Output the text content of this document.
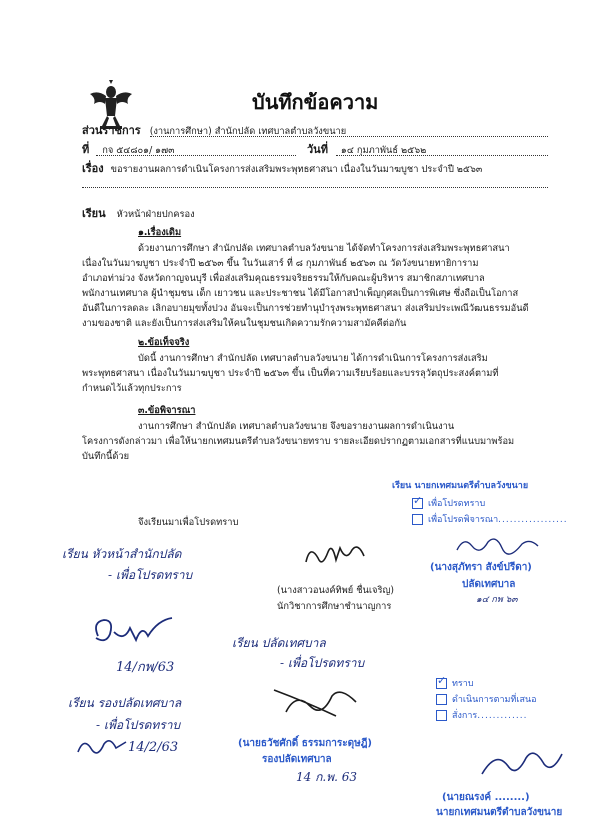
บันทึกข้อความ
ส่วนราชการ (งานการศึกษา) สำนักปลัด เทศบาลตำบลวังขนาย
ที่ กจ ๕๔๘๐๑/ ๑๗๓	วันที่ ๑๔ กุมภาพันธ์ ๒๕๖๒
เรื่อง ขอรายงานผลการดำเนินโครงการส่งเสริมพระพุทธศาสนา เนื่องในวันมาฆบูชา ประจำปี ๒๕๖๓
เรียน หัวหน้าฝ่ายปกครอง
๑.เรื่องเดิม

ด้วยงานการศึกษา สำนักปลัด เทศบาลตำบลวังขนาย ได้จัดทำโครงการส่งเสริมพระพุทธศาสนา

เนื่องในวันมาฆบูชา ประจำปี ๒๕๖๓ ขึ้น ในวันเสาร์ ที่ ๘ กุมภาพันธ์ ๒๕๖๓ ณ วัดวังขนายทายิการาม

อำเภอท่าม่วง จังหวัดกาญจนบุรี เพื่อส่งเสริมคุณธรรมจริยธรรมให้กับคณะผู้บริหาร สมาชิกสภาเทศบาล

พนักงานเทศบาล ผู้นำชุมชน เด็ก เยาวชน และประชาชน ได้มีโอกาสบำเพ็ญกุศลเป็นการพิเศษ ซึ่งถือเป็นโอกาส

อันดีในการลดละ เลิกอบายมุขทั้งปวง อันจะเป็นการช่วยทำนุบำรุงพระพุทธศาสนา ส่งเสริมประเพณีวัฒนธรรมอันดี

งามของชาติ และยังเป็นการส่งเสริมให้คนในชุมชนเกิดความรักความสามัคคีต่อกัน

๒.ข้อเท็จจริง

บัดนี้ งานการศึกษา สำนักปลัด เทศบาลตำบลวังขนาย ได้การดำเนินการโครงการส่งเสริม

พระพุทธศาสนา เนื่องในวันมาฆบูชา ประจำปี ๒๕๖๓ ขึ้น เป็นที่ความเรียบร้อยและบรรลุวัตถุประสงค์ตามที่

กำหนดไว้แล้วทุกประการ

๓.ข้อพิจารณา

งานการศึกษา สำนักปลัด เทศบาลตำบลวังขนาย จึงขอรายงานผลการดำเนินงาน

โครงการดังกล่าวมา เพื่อให้นายกเทศมนตรีตำบลวังขนายทราบ รายละเอียดปรากฏตามเอกสารที่แนบมาพร้อม

บันทึกนี้ด้วย

จึงเรียนมาเพื่อโปรดทราบ
เรียน นายกเทศมนตรีตำบลวังขนาย
✓เพื่อโปรดทราบ
เพื่อโปรดพิจารณา..................
(นางสุภัทรา สังข์ปรีดา)
ปลัดเทศบาล
๑๔ กพ ๖๓
(นางสาวอนงค์ทิพย์ ชื่นเจริญ)
นักวิชาการศึกษาชำนาญการ
เรียน หัวหน้าสำนักปลัด
- เพื่อโปรดทราบ
14/กพ/63
เรียน รองปลัดเทศบาล
- เพื่อโปรดทราบ
14/2/63
เรียน ปลัดเทศบาล
- เพื่อโปรดทราบ
(นายธวัชศักดิ์ ธรรมการะดุษฎี)
รองปลัดเทศบาล
14 ก.พ. 63
✓ทราบ
ดำเนินการตามที่เสนอ
สั่งการ.............
(นายณรงค์ ........)
นายกเทศมนตรีตำบลวังขนาย
